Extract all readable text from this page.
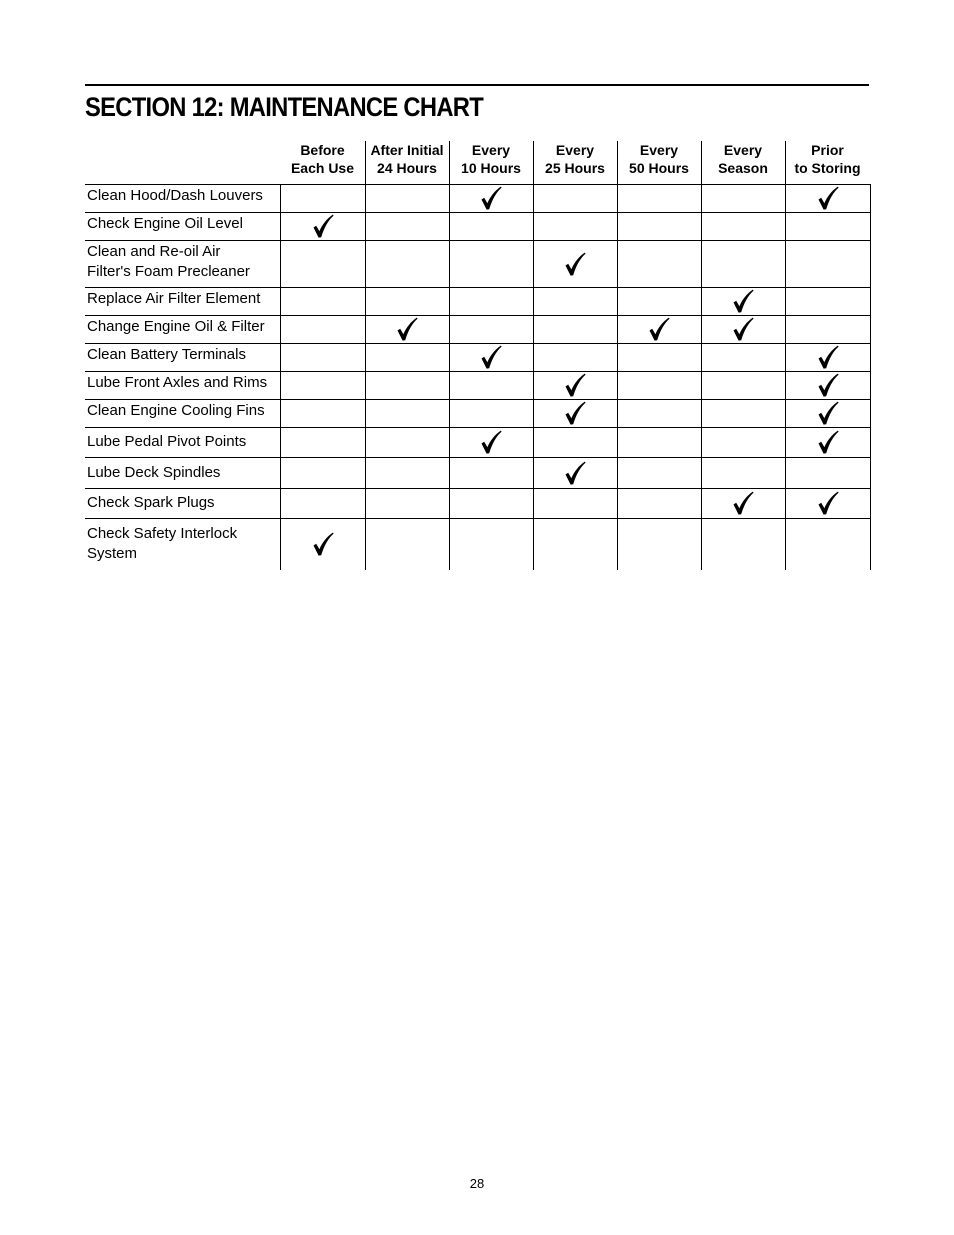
SECTION 12: MAINTENANCE CHART
Before
Each Use
After Initial
24 Hours
Every
10 Hours
Every
25 Hours
Every
50 Hours
Every
Season
Prior
to Storing
Clean Hood/Dash Louvers
Check Engine Oil Level
Clean and Re-oil Air
Filter's Foam Precleaner
Replace Air Filter Element
Change Engine Oil & Filter
Clean Battery Terminals
Lube Front Axles and Rims
Clean Engine Cooling Fins
Lube Pedal Pivot Points
Lube Deck Spindles
Check Spark Plugs
Check Safety Interlock
System
28
